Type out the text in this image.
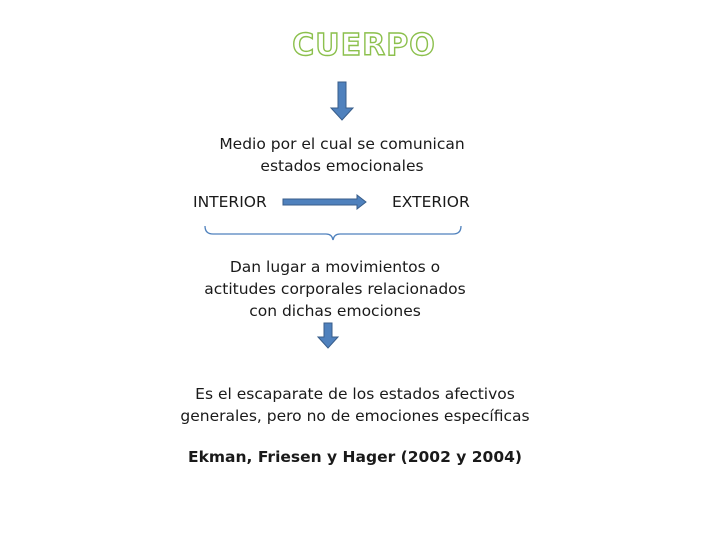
CUERPO
Medio por el cual se comunican
estados emocionales
INTERIOR	EXTERIOR
Dan lugar a movimientos o
actitudes corporales relacionados
con dichas emociones
Es el escaparate de los estados afectivos
generales, pero no de emociones específicas
Ekman, Friesen y Hager (2002 y 2004)
